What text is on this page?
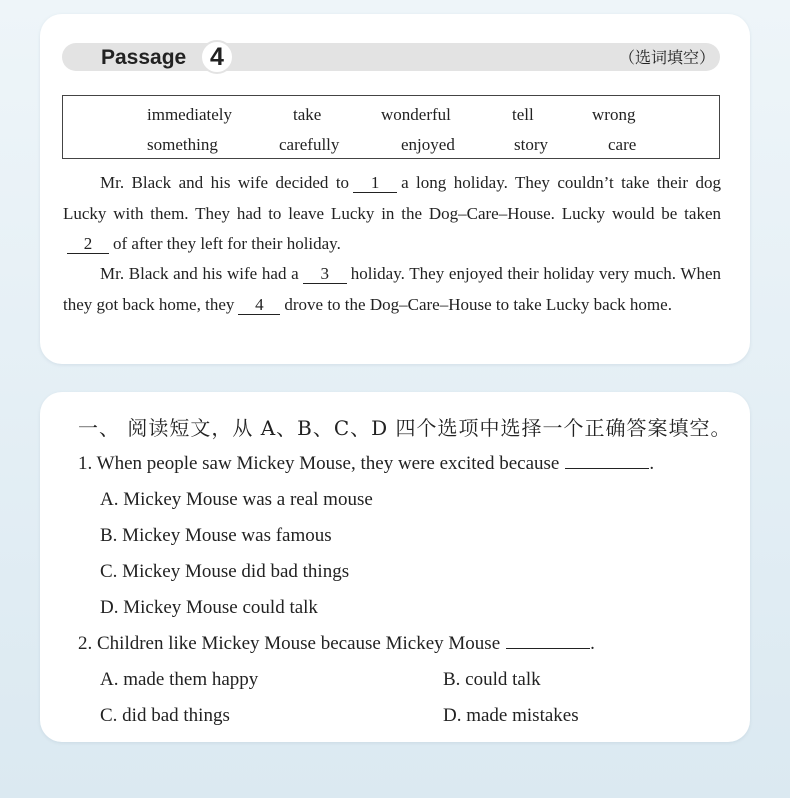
Passage 4	（选词填空）
immediately	take	wonderful	tell	wrong
something	carefully	enjoyed	story	care

Mr. Black and his wife decided to 1 a long holiday. They couldn’t take their dog Lucky with them. They had to leave Lucky in the Dog–Care–House. Lucky would be taken2 of after they left for their holiday.

Mr. Black and his wife had a 3 holiday. They enjoyed their holiday very much. When they got back home, they 4 drove to the Dog–Care–House to take Lucky back home.

一、 阅读短文，从 A、B、C、D 四个选项中选择一个正确答案填空。
1. When people saw Mickey Mouse, they were excited because	.
A. Mickey Mouse was a real mouse
B. Mickey Mouse was famous
C. Mickey Mouse did bad things
D. Mickey Mouse could talk
2. Children like Mickey Mouse because Mickey Mouse	.
A. made them happy	B. could talk
C. did bad things	D. made mistakes
